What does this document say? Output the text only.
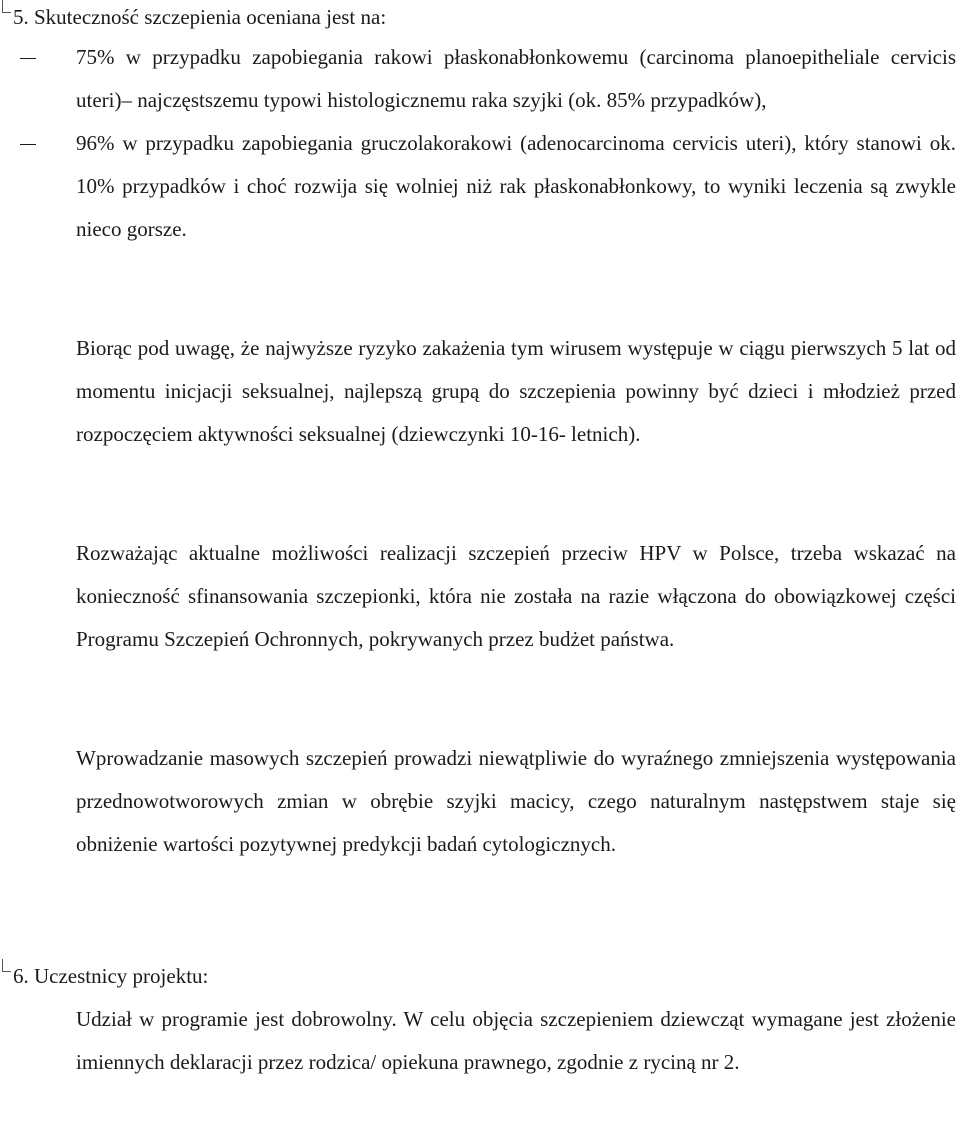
5. Skuteczność szczepienia oceniana jest na:
75% w przypadku zapobiegania rakowi płaskonabłonkowemu (carcinoma planoepitheliale cervicis uteri)– najczęstszemu typowi histologicznemu raka szyjki (ok. 85% przypadków),
96% w przypadku zapobiegania gruczolakorakowi (adenocarcinoma cervicis uteri), który stanowi ok. 10% przypadków i choć rozwija się wolniej niż rak płaskonabłonkowy, to wyniki leczenia są zwykle nieco gorsze.

Biorąc pod uwagę, że najwyższe ryzyko zakażenia tym wirusem występuje w ciągu pierwszych 5 lat od momentu inicjacji seksualnej, najlepszą grupą do szczepienia powinny być dzieci i młodzież przed rozpoczęciem aktywności seksualnej (dziewczynki 10-16- letnich).

Rozważając aktualne możliwości realizacji szczepień przeciw HPV w Polsce, trzeba wskazać na konieczność sfinansowania szczepionki, która nie została na razie włączona do obowiązkowej części Programu Szczepień Ochronnych, pokrywanych przez budżet państwa.

Wprowadzanie masowych szczepień prowadzi niewątpliwie do wyraźnego zmniejszenia występowania przednowotworowych zmian w obrębie szyjki macicy, czego naturalnym następstwem staje się obniżenie wartości pozytywnej predykcji badań cytologicznych.

6. Uczestnicy projektu:

Udział w programie jest dobrowolny. W celu objęcia szczepieniem dziewcząt wymagane jest złożenie imiennych deklaracji przez rodzica/ opiekuna prawnego, zgodnie z ryciną nr 2.
